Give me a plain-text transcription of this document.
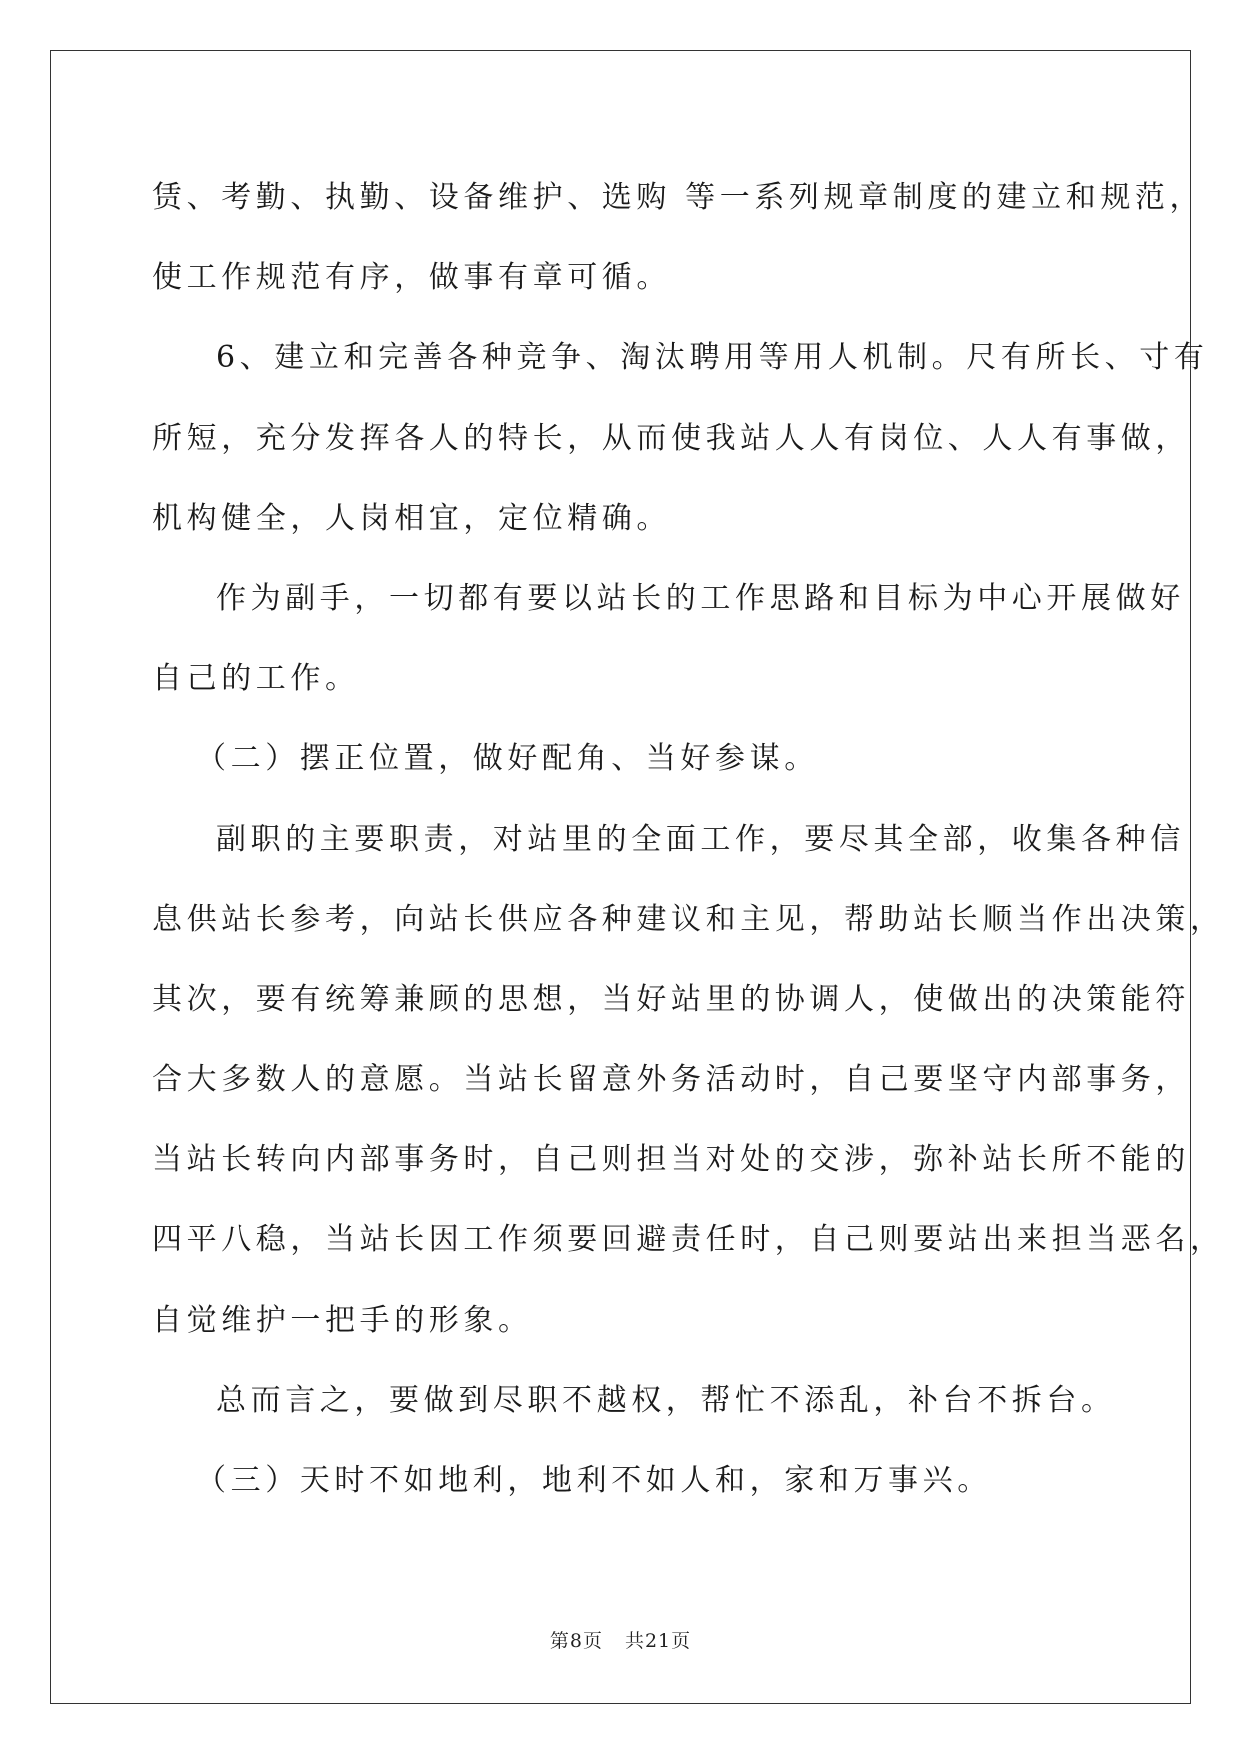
赁、考勤、执勤、设备维护、选购 等一系列规章制度的建立和规范，
使工作规范有序，做事有章可循。
6、建立和完善各种竞争、淘汰聘用等用人机制。尺有所长、寸有
所短，充分发挥各人的特长，从而使我站人人有岗位、人人有事做，
机构健全，人岗相宜，定位精确。
作为副手，一切都有要以站长的工作思路和目标为中心开展做好
自己的工作。
（二）摆正位置，做好配角、当好参谋。
副职的主要职责，对站里的全面工作，要尽其全部，收集各种信
息供站长参考，向站长供应各种建议和主见，帮助站长顺当作出决策，
其次，要有统筹兼顾的思想，当好站里的协调人，使做出的决策能符
合大多数人的意愿。当站长留意外务活动时，自己要坚守内部事务，
当站长转向内部事务时，自己则担当对处的交涉，弥补站长所不能的
四平八稳，当站长因工作须要回避责任时，自己则要站出来担当恶名，
自觉维护一把手的形象。
总而言之，要做到尽职不越权，帮忙不添乱，补台不拆台。
（三）天时不如地利，地利不如人和，家和万事兴。
第8页 共21页
